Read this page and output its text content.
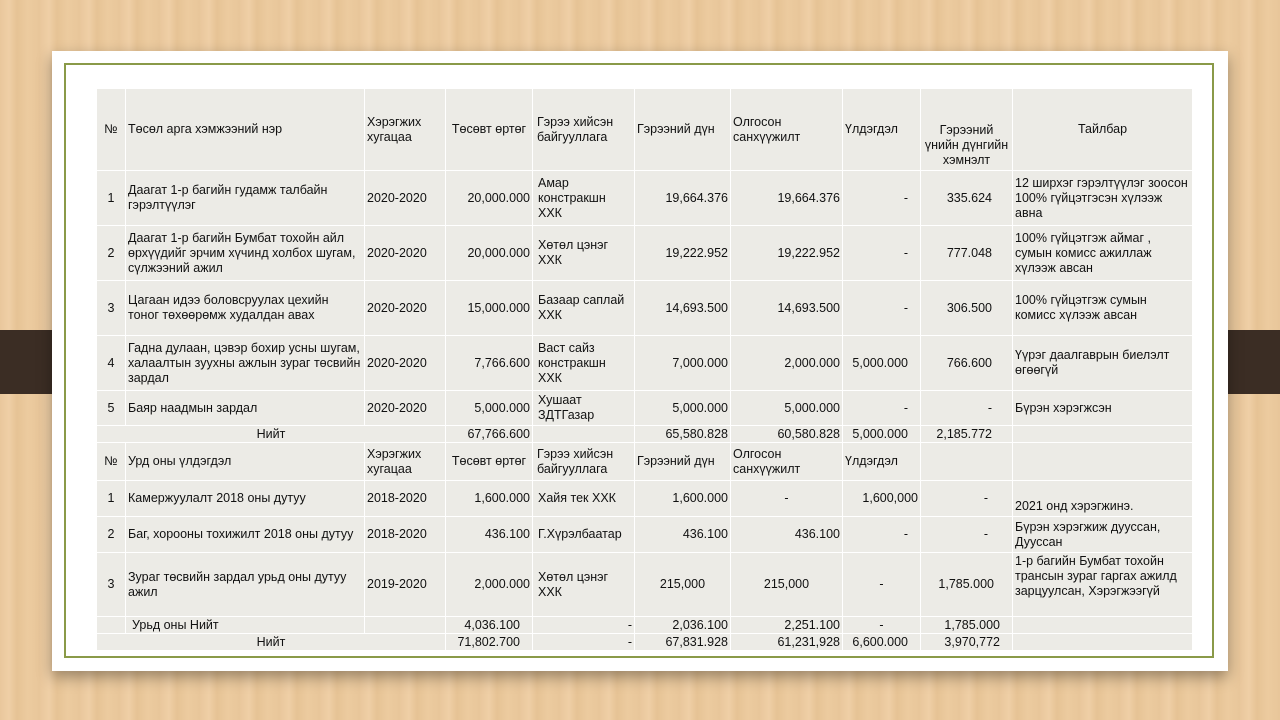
№	Төсөл арга хэмжээний нэр	Хэрэгжих хугацаа	Төсөвт өртөг	Гэрээ хийсэн байгууллага	Гэрээний дүн	Олгосон санхүүжилт	Үлдэгдэл	Гэрээний үнийн дүнгийн хэмнэлт	Тайлбар
1	Даагат 1-р багийн гудамж талбайн гэрэлтүүлэг	2020-2020	20,000.000	Амар констракшн ХХК	19,664.376	19,664.376	-	335.624	12 ширхэг гэрэлтүүлэг зоосон 100% гүйцэтгэсэн хүлээж авна
2	Даагат 1-р багийн Бумбат тохойн айл өрхүүдийг эрчим хүчинд холбох шугам, сүлжээний ажил	2020-2020	20,000.000	Хөтөл цэнэг ХХК	19,222.952	19,222.952	-	777.048	100% гүйцэтгэж аймаг , сумын комисс ажиллаж хүлээж авсан
3	Цагаан идээ боловсруулах цехийн тоног төхөөрөмж худалдан авах	2020-2020	15,000.000	Базаар саплай ХХК	14,693.500	14,693.500	-	306.500	100% гүйцэтгэж сумын комисс хүлээж авсан
4	Гадна дулаан, цэвэр бохир усны шугам, халаалтын зуухны ажлын зураг төсвийн зардал	2020-2020	7,766.600	Васт сайз констракшн ХХК	7,000.000	2,000.000	5,000.000	766.600	Үүрэг даалгаврын биелэлт өгөөгүй
5	Баяр наадмын зардал	2020-2020	5,000.000	Хушаат ЗДТГазар	5,000.000	5,000.000	-	-	Бүрэн хэрэгжсэн
Нийт			67,766.600		65,580.828	60,580.828	5,000.000	2,185.772	
№	Урд оны үлдэгдэл	Хэрэгжих хугацаа	Төсөвт өртөг	Гэрээ хийсэн байгууллага	Гэрээний дүн	Олгосон санхүүжилт	Үлдэгдэл		
1	Камержуулалт 2018 оны дутуу	2018-2020	1,600.000	Хайя тек ХХК	1,600.000	-	1,600,000	-	2021 онд хэрэгжинэ.
2	Баг, хорооны тохижилт 2018 оны дутуу	2018-2020	436.100	Г.Хүрэлбаатар	436.100	436.100	-	-	Бүрэн хэрэгжиж дууссан, Дууссан
3	Зураг төсвийн зардал урьд оны дутуу ажил	2019-2020	2,000.000	Хөтөл цэнэг ХХК	215,000	215,000	-	1,785.000	1-р багийн Бумбат тохойн трансын зураг гаргах ажилд зарцуулсан, Хэрэгжээгүй
	Урьд оны Нийт		4,036.100	-	2,036.100	2,251.100	-	1,785.000	
Нийт			71,802.700	-	67,831.928	61,231,928	6,600.000	3,970,772	
